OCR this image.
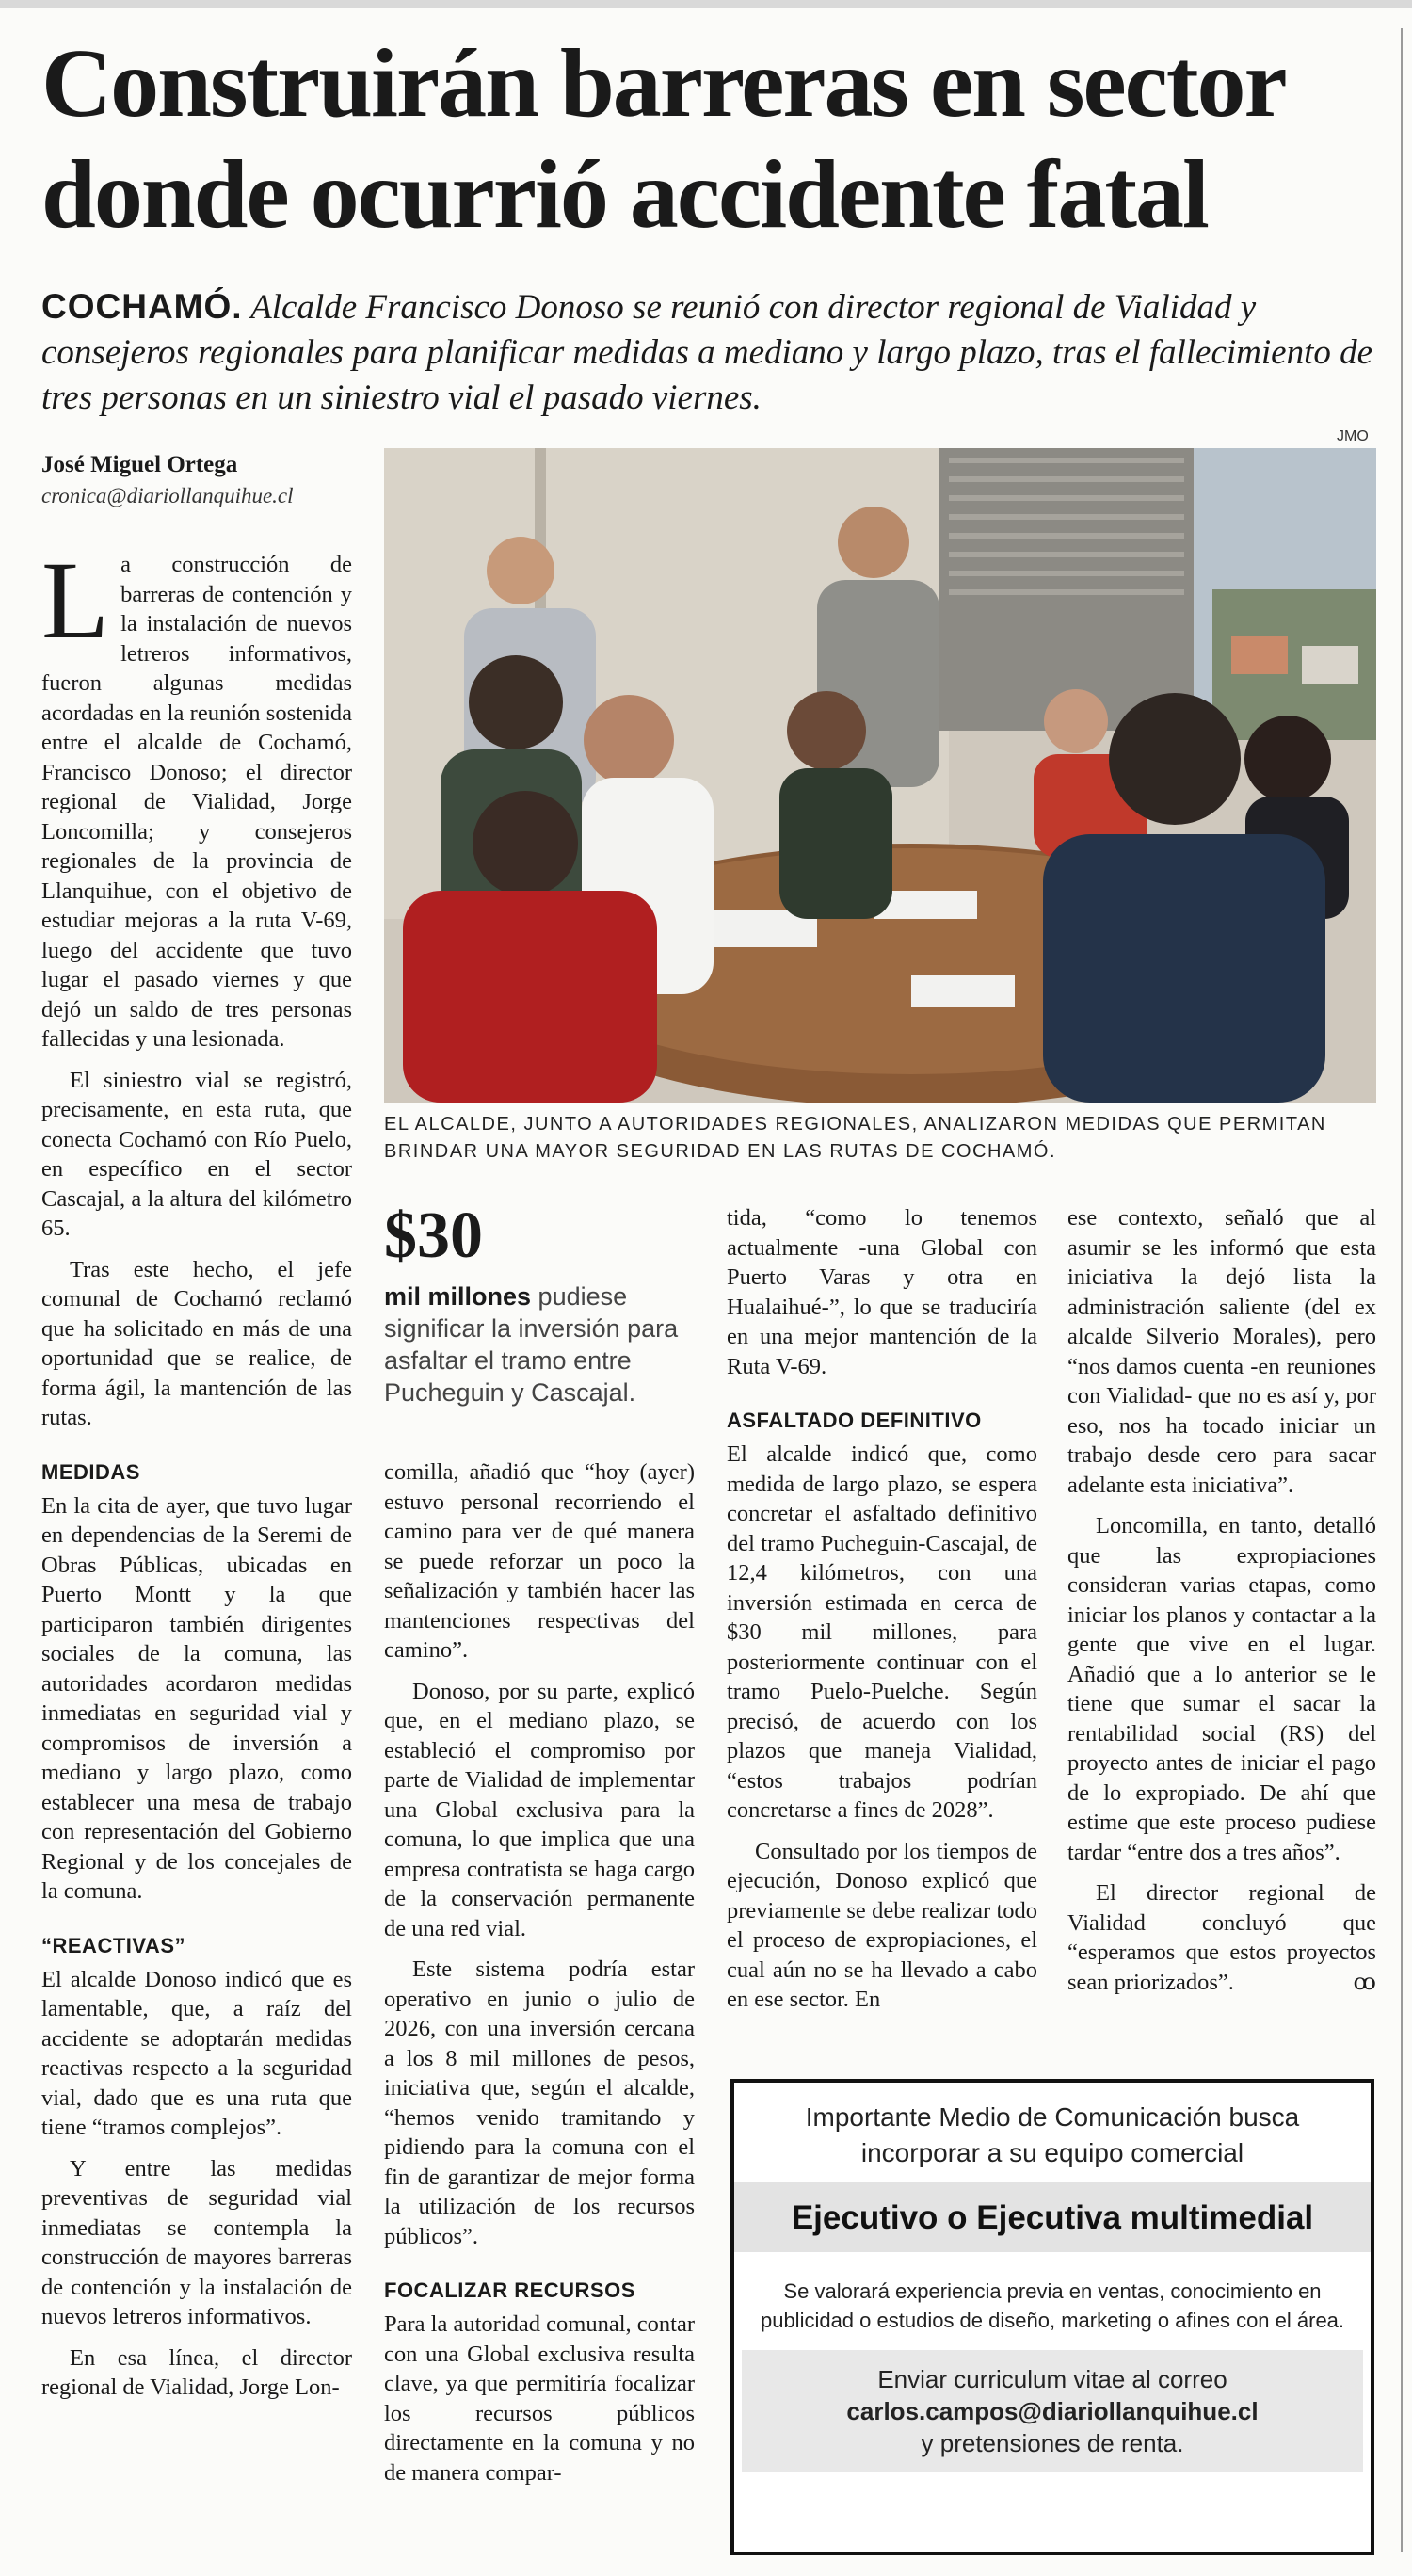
Construirán barreras en sector donde ocurrió accidente fatal

COCHAMÓ. Alcalde Francisco Donoso se reunió con director regional de Vialidad y consejeros regionales para planificar medidas a mediano y largo plazo, tras el fallecimiento de tres personas en un siniestro vial el pasado viernes.

José Miguel Ortega

cronica@diariollanquihue.cl

JMO

EL ALCALDE, JUNTO A AUTORIDADES REGIONALES, ANALIZARON MEDIDAS QUE PERMITAN BRINDAR UNA MAYOR SEGURIDAD EN LAS RUTAS DE COCHAMÓ.

$30

mil millones pudiese significar la inversión para asfaltar el tramo entre Pucheguin y Cascajal.

La construcción de barreras de contención y la instalación de nuevos letreros informativos, fueron algunas medidas acordadas en la reunión sostenida entre el alcalde de Cochamó, Francisco Donoso; el director regional de Vialidad, Jorge Loncomilla; y consejeros regionales de la provincia de Llanquihue, con el objetivo de estudiar mejoras a la ruta V-69, luego del accidente que tuvo lugar el pasado viernes y que dejó un saldo de tres personas fallecidas y una lesionada.

El siniestro vial se registró, precisamente, en esta ruta, que conecta Cochamó con Río Puelo, en específico en el sector Cascajal, a la altura del kilómetro 65.

Tras este hecho, el jefe comunal de Cochamó reclamó que ha solicitado en más de una oportunidad que se realice, de forma ágil, la mantención de las rutas.

MEDIDAS

En la cita de ayer, que tuvo lugar en dependencias de la Seremi de Obras Públicas, ubicadas en Puerto Montt y la que participaron también dirigentes sociales de la comuna, las autoridades acordaron medidas inmediatas en seguridad vial y compromisos de inversión a mediano y largo plazo, como establecer una mesa de trabajo con representación del Gobierno Regional y de los concejales de la comuna.

“REACTIVAS”

El alcalde Donoso indicó que es lamentable, que, a raíz del accidente se adoptarán medidas reactivas respecto a la seguridad vial, dado que es una ruta que tiene “tramos complejos”.

Y entre las medidas preventivas de seguridad vial inmediatas se contempla la construcción de mayores barreras de contención y la instalación de nuevos letreros informativos.

En esa línea, el director regional de Vialidad, Jorge Lon-

comilla, añadió que “hoy (ayer) estuvo personal recorriendo el camino para ver de qué manera se puede reforzar un poco la señalización y también hacer las mantenciones respectivas del camino”.

Donoso, por su parte, explicó que, en el mediano plazo, se estableció el compromiso por parte de Vialidad de implementar una Global exclusiva para la comuna, lo que implica que una empresa contratista se haga cargo de la conservación permanente de una red vial.

Este sistema podría estar operativo en junio o julio de 2026, con una inversión cercana a los 8 mil millones de pesos, iniciativa que, según el alcalde, “hemos venido tramitando y pidiendo para la comuna con el fin de garantizar de mejor forma la utilización de los recursos públicos”.

FOCALIZAR RECURSOS

Para la autoridad comunal, contar con una Global exclusiva resulta clave, ya que permitiría focalizar los recursos públicos directamente en la comuna y no de manera compar-

tida, “como lo tenemos actualmente -una Global con Puerto Varas y otra en Hualaihué-”, lo que se traduciría en una mejor mantención de la Ruta V-69.

ASFALTADO DEFINITIVO

El alcalde indicó que, como medida de largo plazo, se espera concretar el asfaltado definitivo del tramo Pucheguin-Cascajal, de 12,4 kilómetros, con una inversión estimada en cerca de $30 mil millones, para posteriormente continuar con el tramo Puelo-Puelche. Según precisó, de acuerdo con los plazos que maneja Vialidad, “estos trabajos podrían concretarse a fines de 2028”.

Consultado por los tiempos de ejecución, Donoso explicó que previamente se debe realizar todo el proceso de expropiaciones, el cual aún no se ha llevado a cabo en ese sector. En

ese contexto, señaló que al asumir se les informó que esta iniciativa la dejó lista la administración saliente (del ex alcalde Silverio Morales), pero “nos damos cuenta -en reuniones con Vialidad- que no es así y, por eso, nos ha tocado iniciar un trabajo desde cero para sacar adelante esta iniciativa”.

Loncomilla, en tanto, detalló que las expropiaciones consideran varias etapas, como iniciar los planos y contactar a la gente que vive en el lugar. Añadió que a lo anterior se le tiene que sumar el sacar la rentabilidad social (RS) del proyecto antes de iniciar el pago de lo expropiado. De ahí que estime que este proceso pudiese tardar “entre dos a tres años”.

El director regional de Vialidad concluyó que “esperamos que estos proyectos sean priorizados”.	ꝏ

Importante Medio de Comunicación busca incorporar a su equipo comercial
Ejecutivo o Ejecutiva multimedial
Se valorará experiencia previa en ventas, conocimiento en publicidad o estudios de diseño, marketing o afines con el área.
Enviar curriculum vitae al correo
carlos.campos@diariollanquihue.cl
y pretensiones de renta.
